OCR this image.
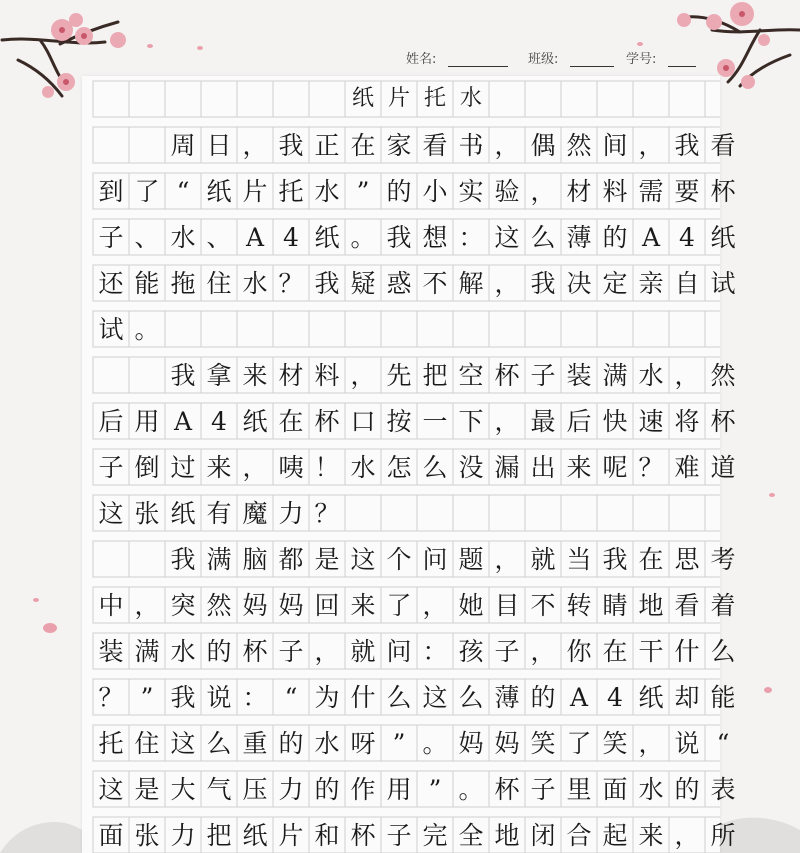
姓名:	班级:	学号:
纸 片 托 水
周 日 ， 我 正 在 家 看 书 ， 偶 然 间 ， 我 看
到 了 “ 纸 片 托 水 ” 的 小 实 验 ， 材 料 需 要 杯
子 、 水 、 A 4 纸 。 我 想 ： 这 么 薄 的 A 4 纸
还 能 拖 住 水 ？ 我 疑 惑 不 解 ， 我 决 定 亲 自 试
试 。
我 拿 来 材 料 ， 先 把 空 杯 子 装 满 水 ， 然
后 用 A 4 纸 在 杯 口 按 一 下 ， 最 后 快 速 将 杯
子 倒 过 来 ， 咦 ！ 水 怎 么 没 漏 出 来 呢 ？ 难 道
这 张 纸 有 魔 力 ？
我 满 脑 都 是 这 个 问 题 ， 就 当 我 在 思 考
中 ， 突 然 妈 妈 回 来 了 ， 她 目 不 转 睛 地 看 着
装 满 水 的 杯 子 ， 就 问 ： 孩 子 ， 你 在 干 什 么
？ ” 我 说 ： “ 为 什 么 这 么 薄 的 A 4 纸 却 能
托 住 这 么 重 的 水 呀 ” 。 妈 妈 笑 了 笑 ， 说 “
这 是 大 气 压 力 的 作 用 ” 。 杯 子 里 面 水 的 表
面 张 力 把 纸 片 和 杯 子 完 全 地 闭 合 起 来 ， 所
